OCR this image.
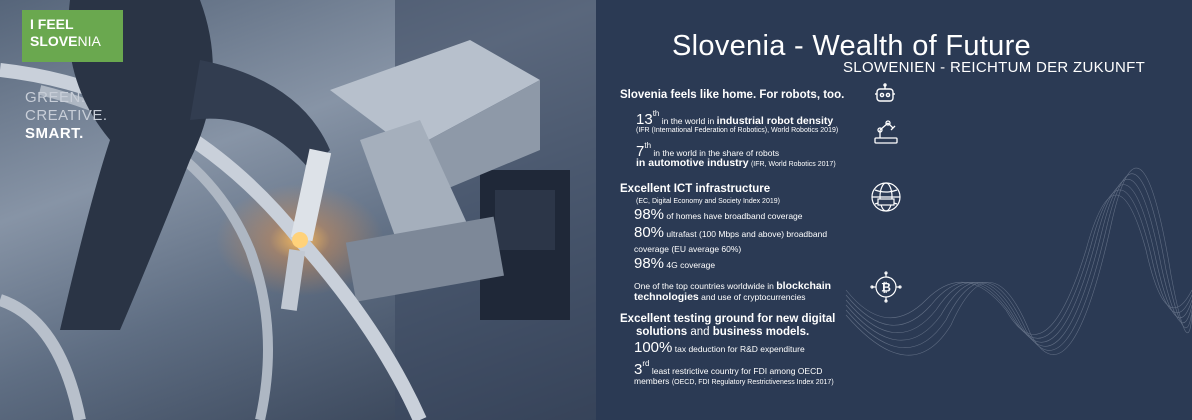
I FEEL
SLOVENIA
GREEN.
CREATIVE.
SMART.
Slovenia - Wealth of Future
SLOWENIEN - REICHTUM DER ZUKUNFT
Slovenia feels like home. For robots, too.
13th in the world in industrial robot density
(IFR (International Federation of Robotics), World Robotics 2019)
7th in the world in the share of robots
in automotive industry (IFR, World Robotics 2017)
Excellent ICT infrastructure
(EC, Digital Economy and Society Index 2019)
98% of homes have broadband coverage
80% ultrafast (100 Mbps and above) broadband
coverage (EU average 60%)
98% 4G coverage
One of the top countries worldwide in blockchain
technologies and use of cryptocurrencies
Excellent testing ground for new digital
solutions and business models.
100% tax deduction for R&D expenditure
3rd least restrictive country for FDI among OECD
members (OECD, FDI Regulatory Restrictiveness Index 2017)
₿
